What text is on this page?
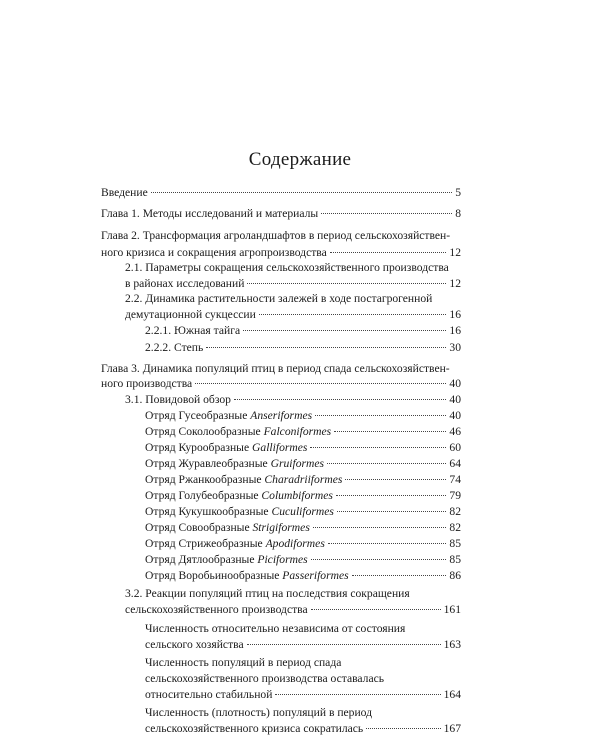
Содержание
Введение	5
Глава 1. Методы исследований и материалы	8
Глава 2. Трансформация агроландшафтов в период сельскохозяйствен-
ного кризиса и сокращения агропроизводства	12
2.1. Параметры сокращения сельскохозяйственного производства
в районах исследований	12
2.2. Динамика растительности залежей в ходе постагрогенной
демутационной сукцессии	16
2.2.1. Южная тайга	16
2.2.2. Степь	30
Глава 3. Динамика популяций птиц в период спада сельскохозяйствен-
ного производства	40
3.1. Повидовой обзор	40
Отряд Гусеобразные Anseriformes	40
Отряд Соколообразные Falconiformes	46
Отряд Курообразные Galliformes	60
Отряд Журавлеобразные Gruiformes	64
Отряд Ржанкообразные Charadriiformes	74
Отряд Голубеобразные Columbiformes	79
Отряд Кукушкообразные Cuculiformes	82
Отряд Совообразные Strigiformes	82
Отряд Стрижеобразные Apodiformes	85
Отряд Дятлообразные Piciformes	85
Отряд Воробьинообразные Passeriformes	86
3.2. Реакции популяций птиц на последствия сокращения
сельскохозяйственного производства	161
Численность относительно независима от состояния
сельского хозяйства	163
Численность популяций в период спада
сельскохозяйственного производства оставалась
относительно стабильной	164
Численность (плотность) популяций в период
сельскохозяйственного кризиса сократилась	167
